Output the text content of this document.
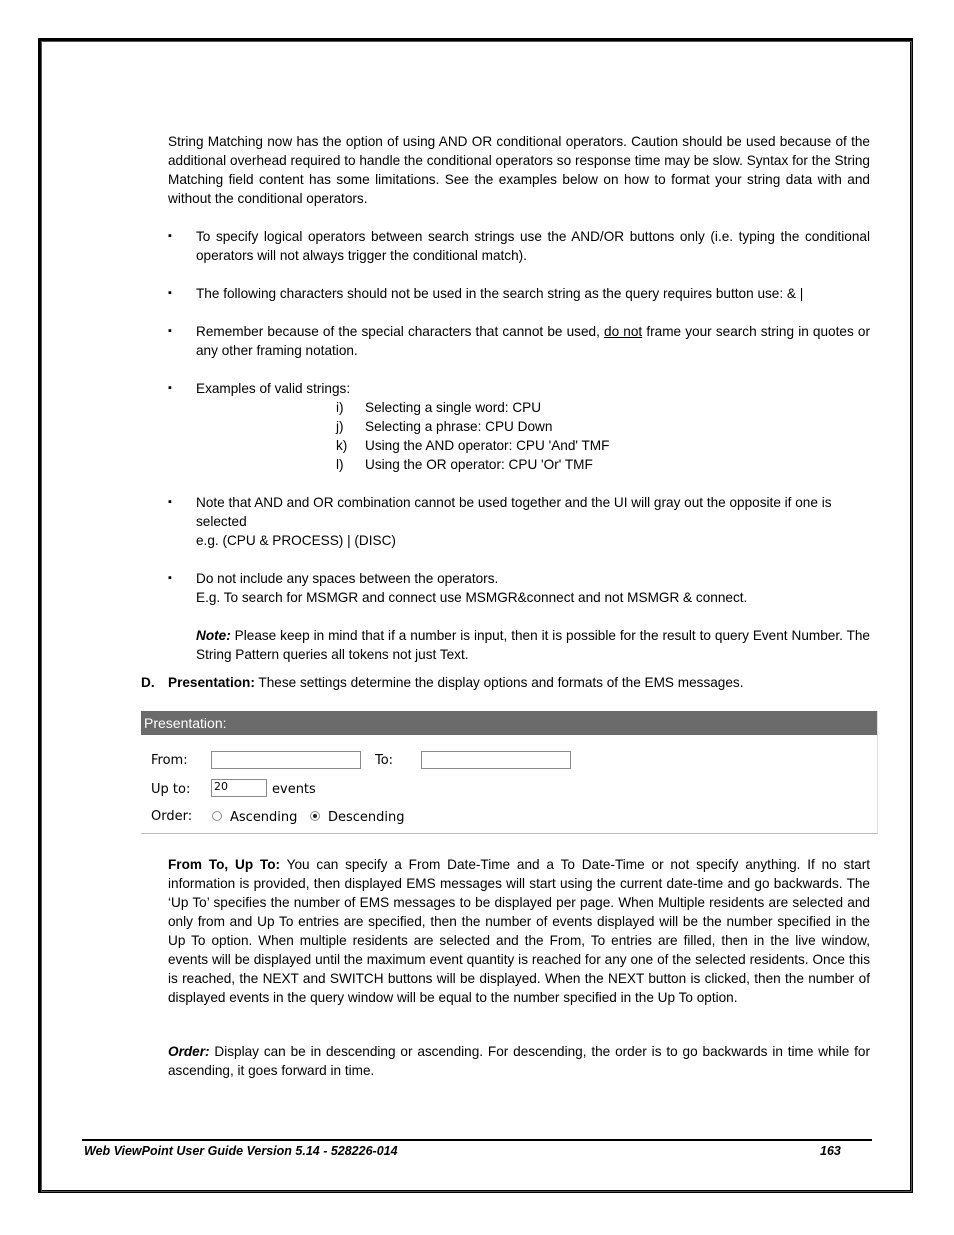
String Matching now has the option of using AND OR conditional operators. Caution should be used because of the additional overhead required to handle the conditional operators so response time may be slow. Syntax for the String Matching field content has some limitations. See the examples below on how to format your string data with and without the conditional operators.
▪ To specify logical operators between search strings use the AND/OR buttons only (i.e. typing the conditional operators will not always trigger the conditional match).
▪ The following characters should not be used in the search string as the query requires button use: & |
▪ Remember because of the special characters that cannot be used, do not frame your search string in quotes or any other framing notation.
▪ Examples of valid strings:
i) Selecting a single word: CPU
j) Selecting a phrase: CPU Down
k) Using the AND operator: CPU 'And' TMF
l) Using the OR operator: CPU 'Or' TMF
▪ Note that AND and OR combination cannot be used together and the UI will gray out the opposite if one is selected
e.g. (CPU & PROCESS) | (DISC)
▪ Do not include any spaces between the operators.
E.g. To search for MSMGR and connect use MSMGR&connect and not MSMGR & connect.
Note: Please keep in mind that if a number is input, then it is possible for the result to query Event Number. The String Pattern queries all tokens not just Text.
D. Presentation: These settings determine the display options and formats of the EMS messages.
Presentation:
From:	To:
Up to: 20	events
Order:	Ascending Descending
From To, Up To: You can specify a From Date-Time and a To Date-Time or not specify anything. If no start information is provided, then displayed EMS messages will start using the current date-time and go backwards. The ‘Up To’ specifies the number of EMS messages to be displayed per page. When Multiple residents are selected and only from and Up To entries are specified, then the number of events displayed will be the number specified in the Up To option. When multiple residents are selected and the From, To entries are filled, then in the live window, events will be displayed until the maximum event quantity is reached for any one of the selected residents. Once this is reached, the NEXT and SWITCH buttons will be displayed. When the NEXT button is clicked, then the number of displayed events in the query window will be equal to the number specified in the Up To option.
Order: Display can be in descending or ascending. For descending, the order is to go backwards in time while for ascending, it goes forward in time.
Web ViewPoint User Guide Version 5.14 - 528226-014	163
